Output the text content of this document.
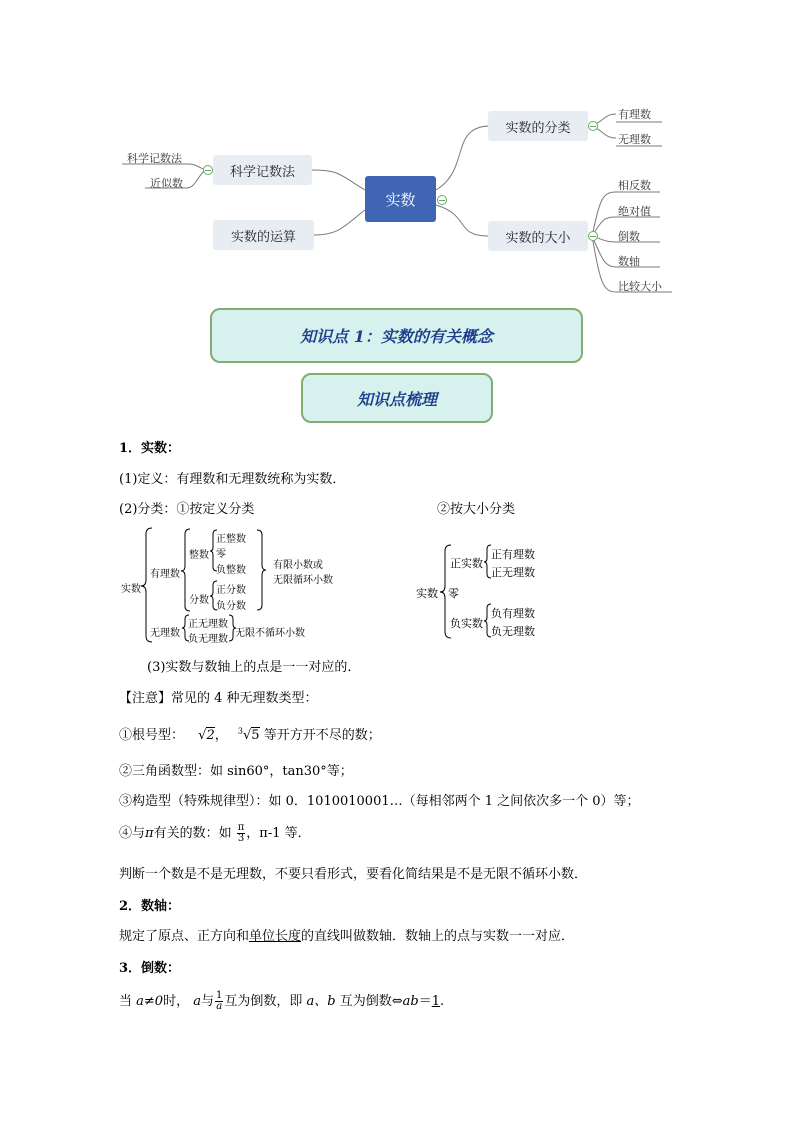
实数
实数的分类
有理数
无理数
实数的大小
相反数
绝对值
倒数
数轴
比较大小
科学记数法
科学记数法
近似数
实数的运算
知识点 1：实数的有关概念
知识点梳理
1．实数：
(1)定义：有理数和无理数统称为实数．
(2)分类：①按定义分类	②按大小分类
实数
有理数
整数
正整数
零
负整数
分数
正分数
负分数
有限小数或
无限循环小数
无理数
正无理数
负无理数
无限不循环小数
实数
正实数
正有理数
正无理数
零
负实数
负有理数
负无理数
(3)实数与数轴上的点是一一对应的．
【注意】常见的 4 种无理数类型：
①根号型： √2， $^3$√5 等开方开不尽的数；
②三角函数型：如 sin60°，tan30°等；
③构造型（特殊规律型）：如 0．1010010001…（每相邻两个 1 之间依次多一个 0）等；
④与π有关的数：如 $\frac{\pi}{3}$ ，π-1 等．
判断一个数是不是无理数，不要只看形式，要看化简结果是不是无限不循环小数．
2．数轴：
规定了原点、正方向和单位长度的直线叫做数轴．数轴上的点与实数一一对应．
3．倒数：
当 a≠0时， a与 $\frac{1}{a}$互为倒数，即 a、b 互为倒数⇔ab＝1.
